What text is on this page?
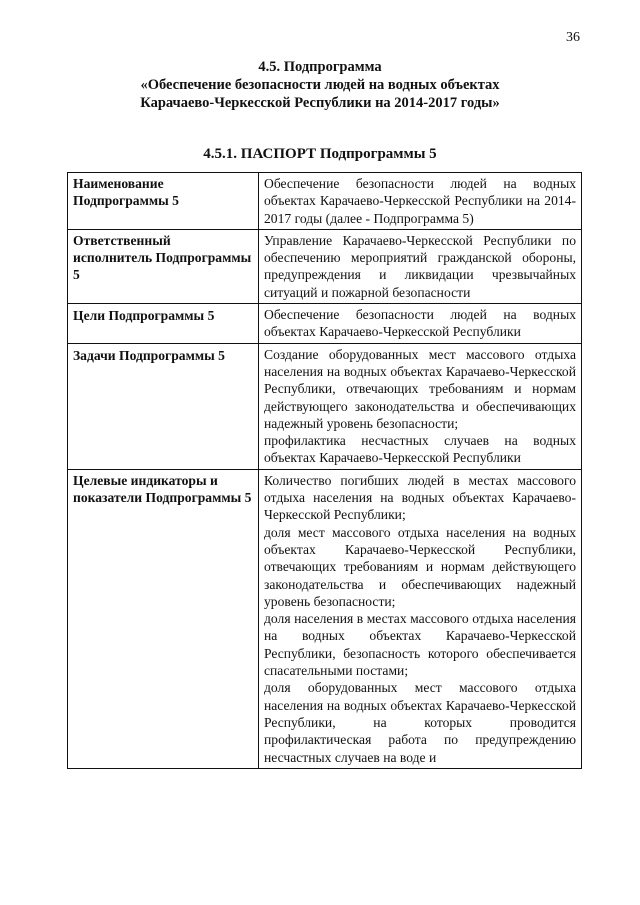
36
4.5. Подпрограмма
«Обеспечение безопасности людей на водных объектах
Карачаево-Черкесской Республики на 2014-2017 годы»
4.5.1. ПАСПОРТ Подпрограммы 5
Наименование Подпрограммы 5	Обеспечение безопасности людей на водных объектах Карачаево-Черкесской Республики на 2014-2017 годы (далее - Подпрограмма 5)

Ответственный исполнитель Подпрограммы 5	Управление Карачаево-Черкесской Республики по обеспечению мероприятий гражданской обороны, предупреждения и ликвидации чрезвычайных ситуаций и пожарной безопасности

Цели Подпрограммы 5	Обеспечение безопасности людей на водных объектах Карачаево-Черкесской Республики

Задачи Подпрограммы 5	Создание оборудованных мест массового отдыха населения на водных объектах Карачаево-Черкесской Республики, отвечающих требованиям и нормам действующего законодательства и обеспечивающих надежный уровень безопасности;
профилактика несчастных случаев на водных объектах Карачаево-Черкесской Республики

Целевые индикаторы и показатели Подпрограммы 5	Количество погибших людей в местах массового отдыха населения на водных объектах Карачаево-Черкесской Республики;
доля мест массового отдыха населения на водных объектах Карачаево-Черкесской Республики, отвечающих требованиям и нормам действующего законодательства и обеспечивающих надежный уровень безопасности;
доля населения в местах массового отдыха населения на водных объектах Карачаево-Черкесской Республики, безопасность которого обеспечивается спасательными постами;
доля оборудованных мест массового отдыха населения на водных объектах Карачаево-Черкесской Республики, на которых проводится профилактическая работа по предупреждению несчастных случаев на воде и
